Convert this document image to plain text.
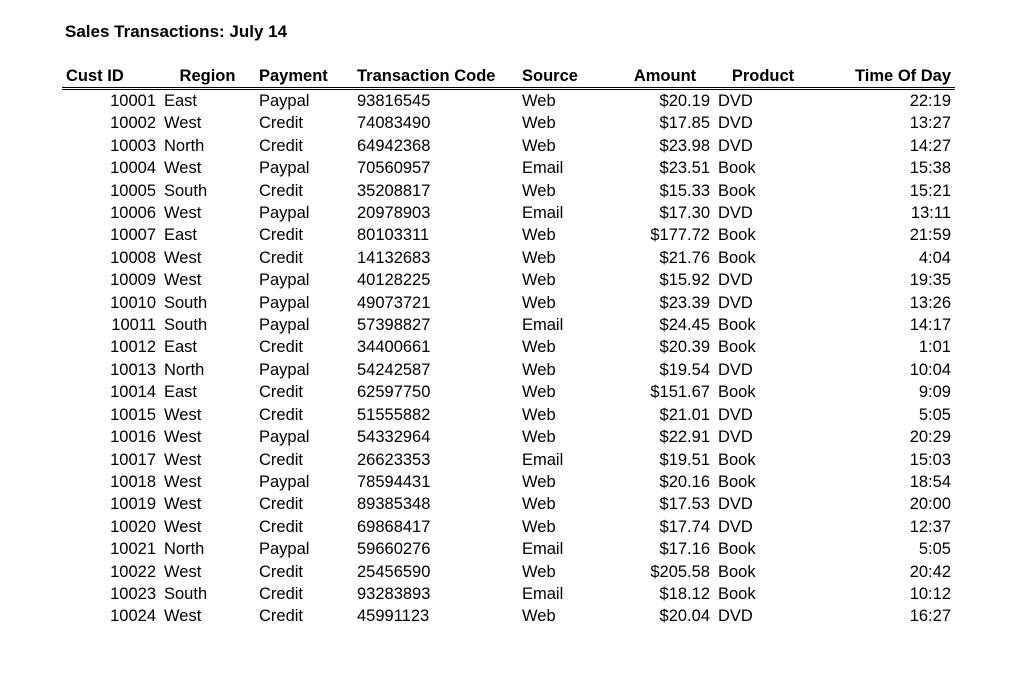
Sales Transactions: July 14
Cust ID	Region	Payment	Transaction Code	Source	Amount	Product	Time Of Day
10001	East	Paypal	93816545	Web	$20.19	DVD	22:19
10002	West	Credit	74083490	Web	$17.85	DVD	13:27
10003	North	Credit	64942368	Web	$23.98	DVD	14:27
10004	West	Paypal	70560957	Email	$23.51	Book	15:38
10005	South	Credit	35208817	Web	$15.33	Book	15:21
10006	West	Paypal	20978903	Email	$17.30	DVD	13:11
10007	East	Credit	80103311	Web	$177.72	Book	21:59
10008	West	Credit	14132683	Web	$21.76	Book	4:04
10009	West	Paypal	40128225	Web	$15.92	DVD	19:35
10010	South	Paypal	49073721	Web	$23.39	DVD	13:26
10011	South	Paypal	57398827	Email	$24.45	Book	14:17
10012	East	Credit	34400661	Web	$20.39	Book	1:01
10013	North	Paypal	54242587	Web	$19.54	DVD	10:04
10014	East	Credit	62597750	Web	$151.67	Book	9:09
10015	West	Credit	51555882	Web	$21.01	DVD	5:05
10016	West	Paypal	54332964	Web	$22.91	DVD	20:29
10017	West	Credit	26623353	Email	$19.51	Book	15:03
10018	West	Paypal	78594431	Web	$20.16	Book	18:54
10019	West	Credit	89385348	Web	$17.53	DVD	20:00
10020	West	Credit	69868417	Web	$17.74	DVD	12:37
10021	North	Paypal	59660276	Email	$17.16	Book	5:05
10022	West	Credit	25456590	Web	$205.58	Book	20:42
10023	South	Credit	93283893	Email	$18.12	Book	10:12
10024	West	Credit	45991123	Web	$20.04	DVD	16:27
